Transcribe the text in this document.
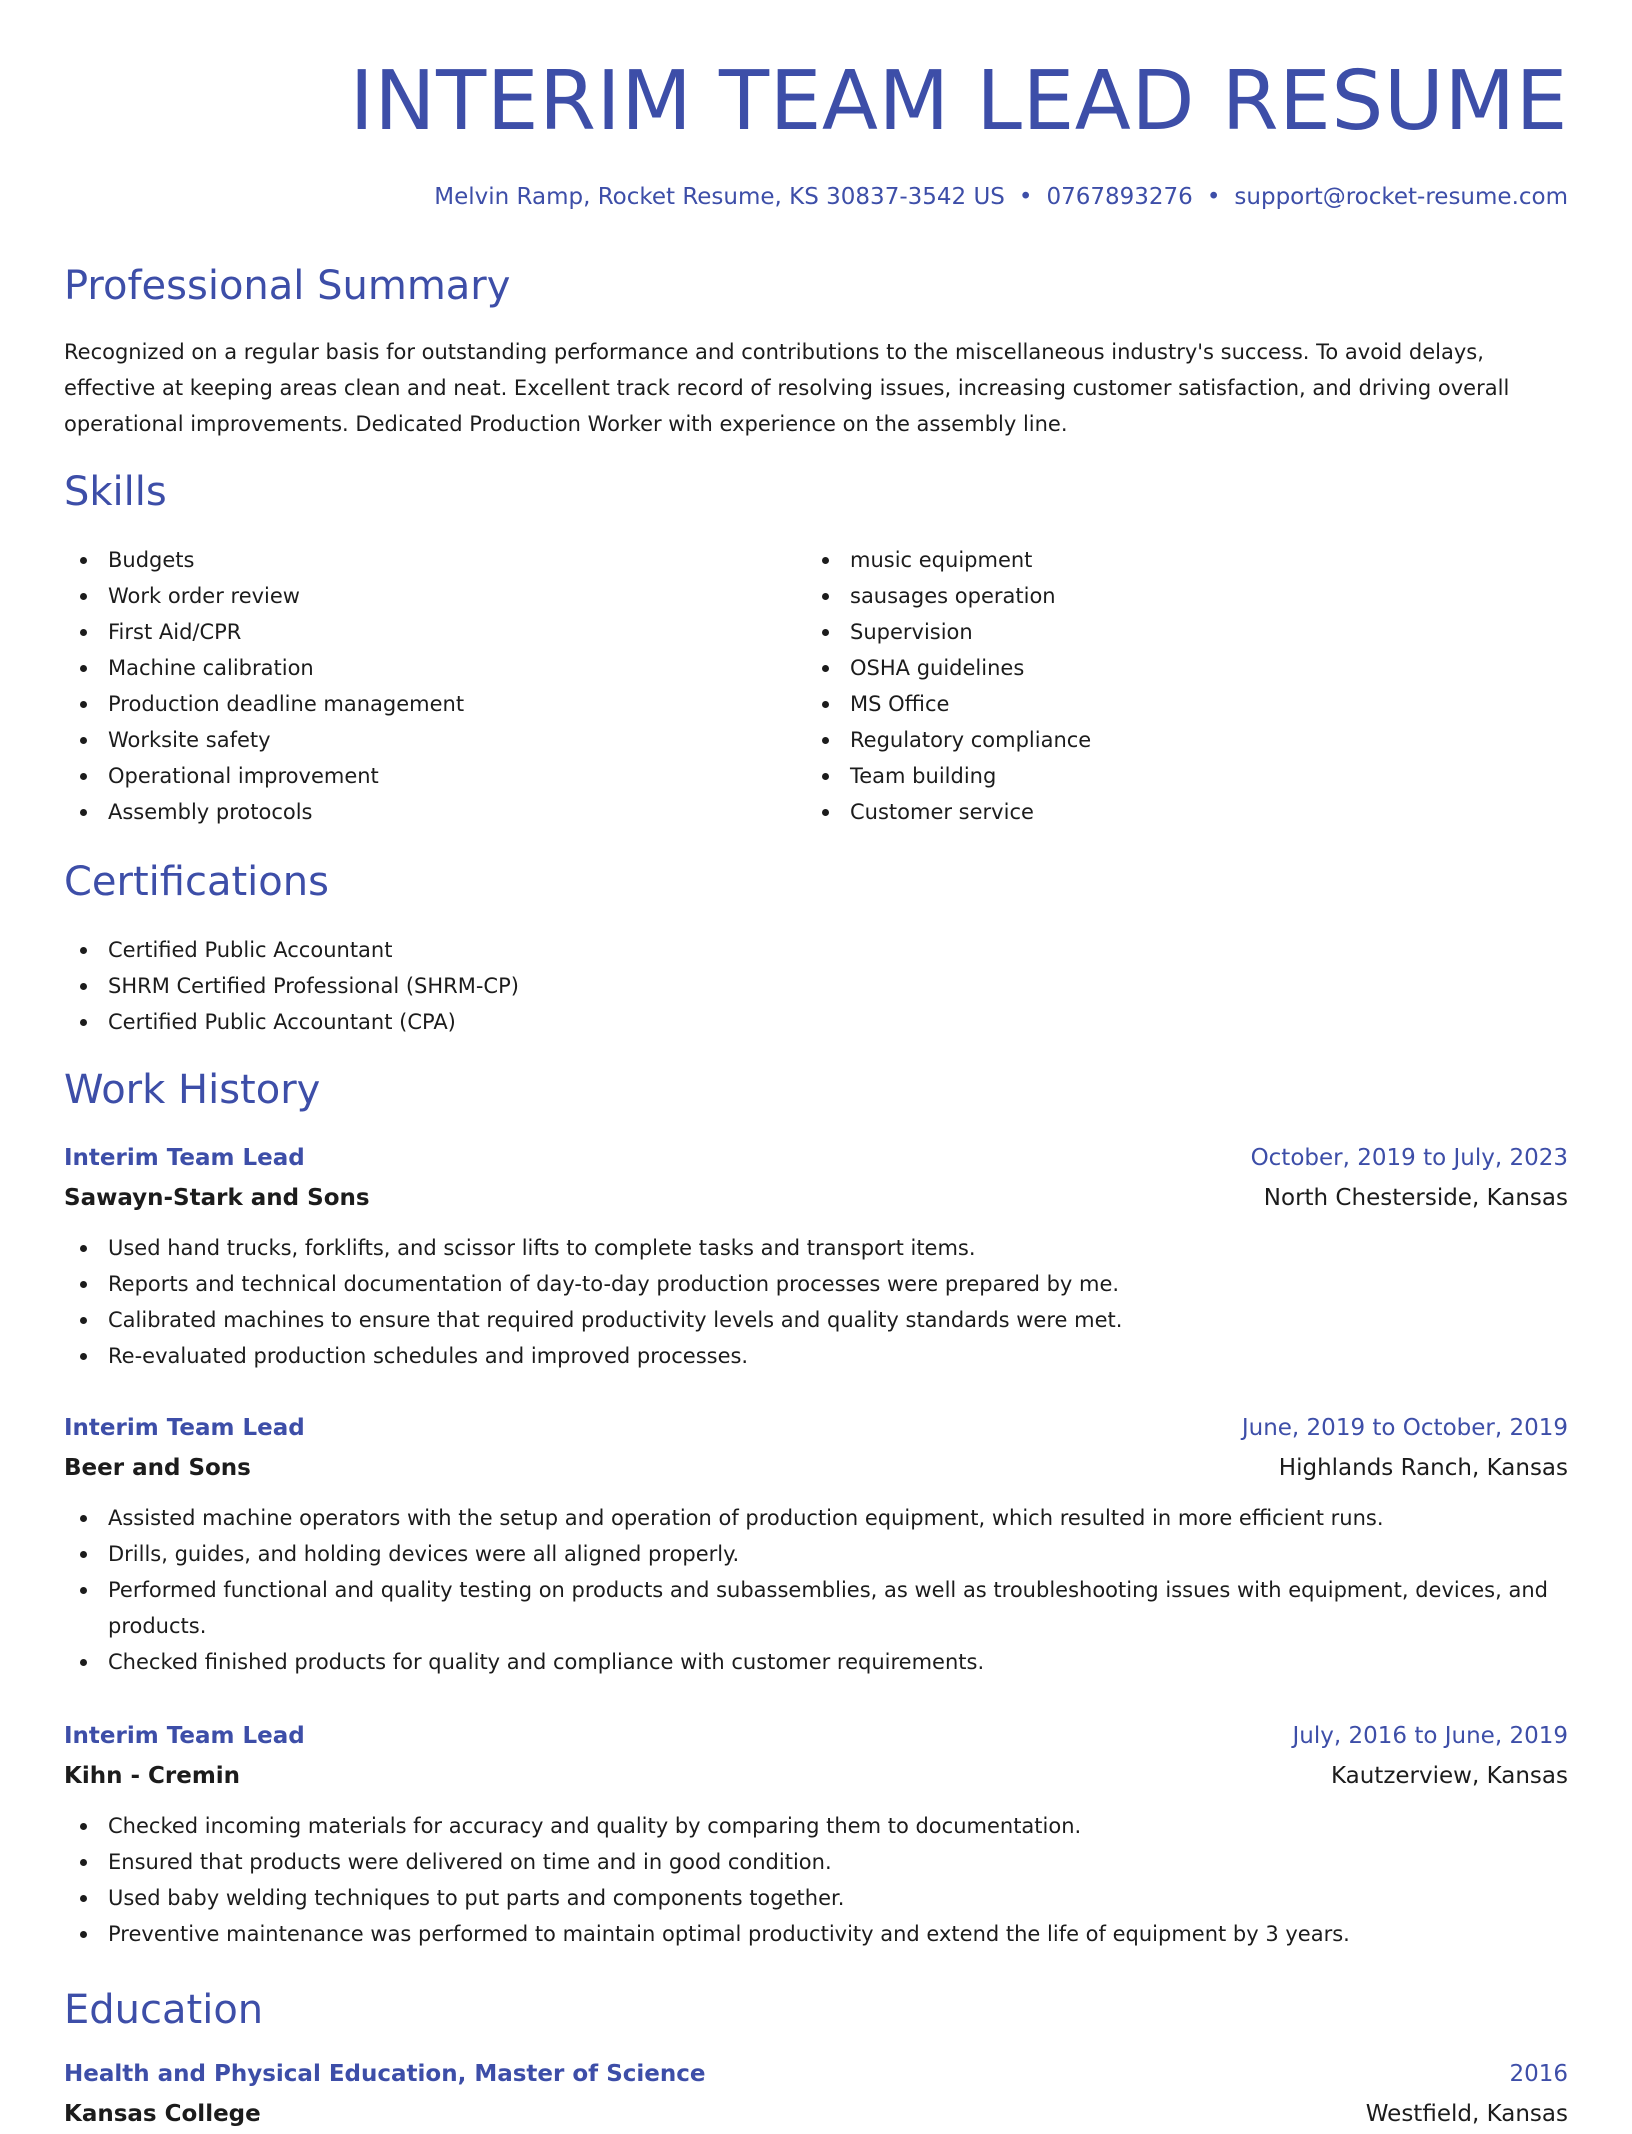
INTERIM TEAM LEAD RESUME
Melvin Ramp, Rocket Resume, KS 30837-3542 US • 0767893276 • support@rocket-resume.com
Professional Summary

Recognized on a regular basis for outstanding performance and contributions to the miscellaneous industry's success. To avoid delays, effective at keeping areas clean and neat. Excellent track record of resolving issues, increasing customer satisfaction, and driving overall operational improvements. Dedicated Production Worker with experience on the assembly line.

Skills
Budgets
Work order review
First Aid/CPR
Machine calibration
Production deadline management
Worksite safety
Operational improvement
Assembly protocols
music equipment
sausages operation
Supervision
OSHA guidelines
MS Office
Regulatory compliance
Team building
Customer service
Certifications
Certified Public Accountant
SHRM Certified Professional (SHRM-CP)
Certified Public Accountant (CPA)
Work History
Interim Team Lead	October, 2019 to July, 2023
Sawayn-Stark and Sons	North Chesterside, Kansas
Used hand trucks, forklifts, and scissor lifts to complete tasks and transport items.
Reports and technical documentation of day-to-day production processes were prepared by me.
Calibrated machines to ensure that required productivity levels and quality standards were met.
Re-evaluated production schedules and improved processes.
Interim Team Lead	June, 2019 to October, 2019
Beer and Sons	Highlands Ranch, Kansas
Assisted machine operators with the setup and operation of production equipment, which resulted in more efficient runs.
Drills, guides, and holding devices were all aligned properly.
Performed functional and quality testing on products and subassemblies, as well as troubleshooting issues with equipment, devices, and products.
Checked finished products for quality and compliance with customer requirements.
Interim Team Lead	July, 2016 to June, 2019
Kihn - Cremin	Kautzerview, Kansas
Checked incoming materials for accuracy and quality by comparing them to documentation.
Ensured that products were delivered on time and in good condition.
Used baby welding techniques to put parts and components together.
Preventive maintenance was performed to maintain optimal productivity and extend the life of equipment by 3 years.
Education
Health and Physical Education, Master of Science	2016
Kansas College	Westfield, Kansas
